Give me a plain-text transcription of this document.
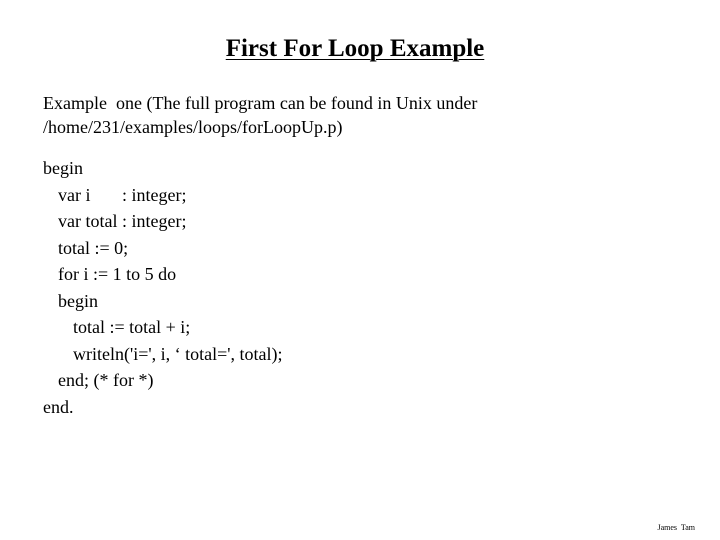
First For Loop Example
Example  one (The full program can be found in Unix under
/home/231/examples/loops/forLoopUp.p)
begin
var i       : integer;
var total : integer;
total := 0;
for i := 1 to 5 do
begin
total := total + i;
writeln('i=', i, ‘ total=', total);
end; (* for *)
end.
James  Tam
